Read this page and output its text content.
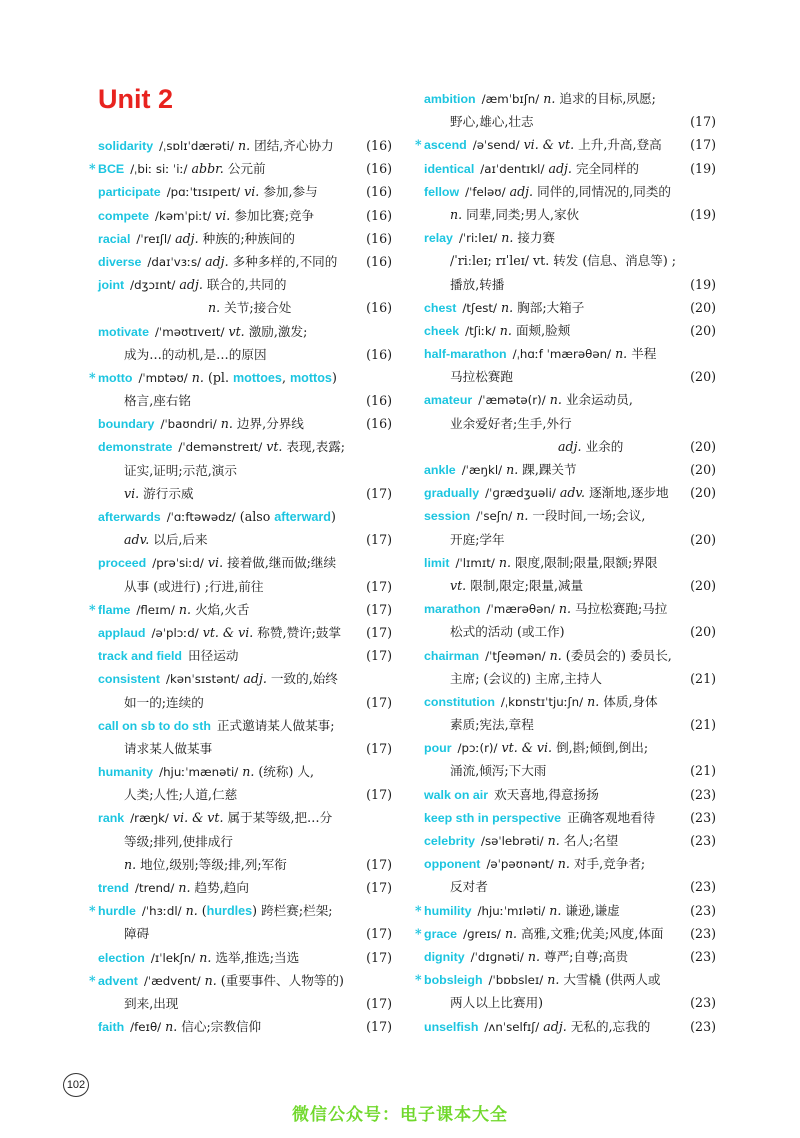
Unit 2
solidarity /ˌsɒlɪˈdærəti/ n. 团结,齐心协力	(16)
* BCE /ˌbiː siː ˈiː/ abbr. 公元前	(16)
participate /pɑːˈtɪsɪpeɪt/ vi. 参加,参与	(16)
compete /kəmˈpiːt/ vi. 参加比赛;竞争	(16)
racial /ˈreɪʃl/ adj. 种族的;种族间的	(16)
diverse /daɪˈvɜːs/ adj. 多种多样的,不同的 (16)
joint /dʒɔɪnt/ adj. 联合的,共同的
n. 关节;接合处	(16)
motivate /ˈməʊtɪveɪt/ vt. 激励,激发;
成为…的动机,是…的原因	(16)
* motto /ˈmɒtəʊ/ n. (pl. mottoes, mottos)
格言,座右铭	(16)
boundary /ˈbaʊndri/ n. 边界,分界线	(16)
demonstrate /ˈdemənstreɪt/ vt. 表现,表露;
证实,证明;示范,演示
vi. 游行示威	(17)
afterwards /ˈɑːftəwədz/ (also afterward)
adv. 以后,后来	(17)
proceed /prəˈsiːd/ vi. 接着做,继而做;继续
从事 (或进行) ;行进,前往	(17)
* flame /fleɪm/ n. 火焰,火舌	(17)
applaud /əˈplɔːd/ vt. & vi. 称赞,赞许;鼓掌 (17)
track and field 田径运动	(17)
consistent /kənˈsɪstənt/ adj. 一致的,始终
如一的;连续的	(17)
call on sb to do sth 正式邀请某人做某事;
请求某人做某事	(17)
humanity /hjuːˈmænəti/ n. (统称) 人,
人类;人性;人道,仁慈	(17)
rank /ræŋk/ vi. & vt. 属于某等级,把…分
等级;排列,使排成行
n. 地位,级别;等级;排,列;军衔	(17)
trend /trend/ n. 趋势,趋向	(17)
* hurdle /ˈhɜːdl/ n. (hurdles) 跨栏赛;栏架;
障碍	(17)
election /ɪˈlekʃn/ n. 选举,推选;当选	(17)
* advent /ˈædvent/ n. (重要事件、人物等的)
到来,出现	(17)
faith /feɪθ/ n. 信心;宗教信仰	(17)
ambition /æmˈbɪʃn/ n. 追求的目标,夙愿;
野心,雄心,壮志	(17)
* ascend /əˈsend/ vi. & vt. 上升,升高,登高 (17)
identical /aɪˈdentɪkl/ adj. 完全同样的	(19)
fellow /ˈfeləʊ/ adj. 同伴的,同情况的,同类的
n. 同辈,同类;男人,家伙	(19)
relay /ˈriːleɪ/ n. 接力赛
/ˈriːleɪ; rɪˈleɪ/ vt. 转发 (信息、消息等) ;
播放,转播	(19)
chest /tʃest/ n. 胸部;大箱子	(20)
cheek /tʃiːk/ n. 面颊,脸颊	(20)
half-marathon /ˌhɑːf ˈmærəθən/ n. 半程
马拉松赛跑	(20)
amateur /ˈæmətə(r)/ n. 业余运动员,
业余爱好者;生手,外行
adj. 业余的	(20)
ankle /ˈæŋkl/ n. 踝,踝关节	(20)
gradually /ˈɡrædʒuəli/ adv. 逐渐地,逐步地 (20)
session /ˈseʃn/ n. 一段时间,一场;会议,
开庭;学年	(20)
limit /ˈlɪmɪt/ n. 限度,限制;限量,限额;界限
vt. 限制,限定;限量,减量	(20)
marathon /ˈmærəθən/ n. 马拉松赛跑;马拉
松式的活动 (或工作)	(20)
chairman /ˈtʃeəmən/ n. (委员会的) 委员长,
主席; (会议的) 主席,主持人	(21)
constitution /ˌkɒnstɪˈtjuːʃn/ n. 体质,身体
素质;宪法,章程	(21)
pour /pɔː(r)/ vt. & vi. 倒,斟;倾倒,倒出;
涌流,倾泻;下大雨	(21)
walk on air 欢天喜地,得意扬扬	(23)
keep sth in perspective 正确客观地看待	(23)
celebrity /səˈlebrəti/ n. 名人;名望	(23)
opponent /əˈpəʊnənt/ n. 对手,竞争者;
反对者	(23)
* humility /hjuːˈmɪləti/ n. 谦逊,谦虚	(23)
* grace /ɡreɪs/ n. 高雅,文雅;优美;风度,体面 (23)
dignity /ˈdɪɡnəti/ n. 尊严;自尊;高贵	(23)
* bobsleigh /ˈbɒbsleɪ/ n. 大雪橇 (供两人或
两人以上比赛用)	(23)
unselfish /ʌnˈselfɪʃ/ adj. 无私的,忘我的	(23)
102
微信公众号：电子课本大全
